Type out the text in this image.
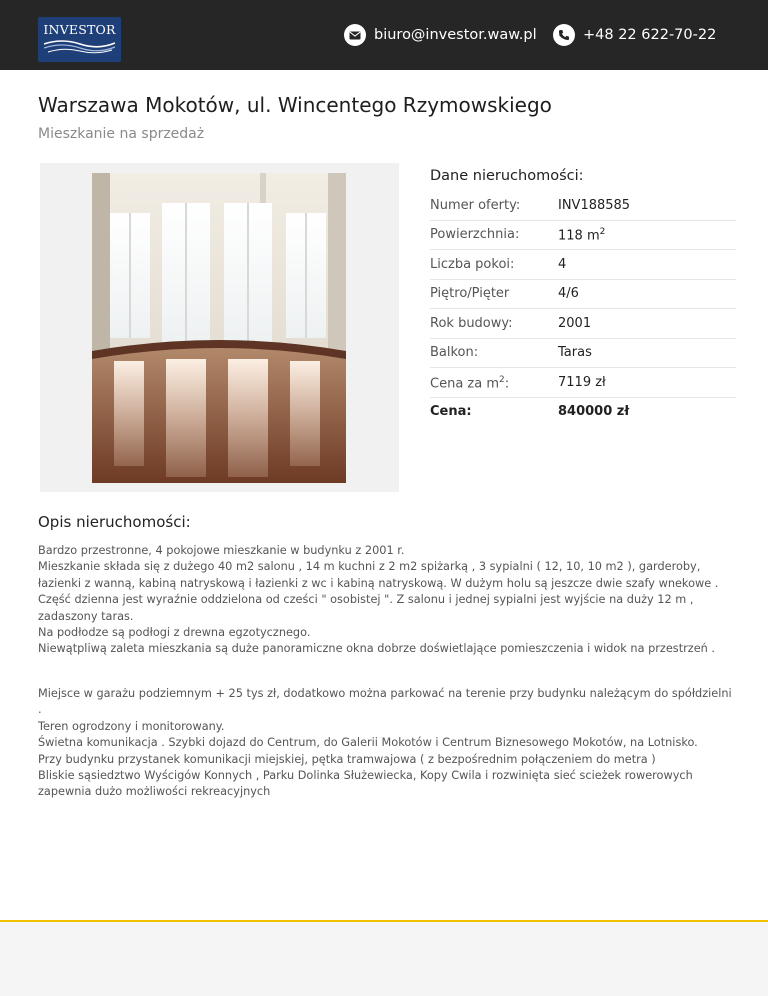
INVESTOR	biuro@investor.waw.pl	+48 22 622-70-22
Warszawa Mokotów, ul. Wincentego Rzymowskiego
Mieszkanie na sprzedaż
Dane nieruchomości:
Numer oferty:	INV188585
Powierzchnia:	118 $m^2$
Liczba pokoi:	4
Piętro/Pięter	4/6
Rok budowy:	2001
Balkon:	Taras
Cena za $m^2$:	7119 zł
Cena:	840000 zł
Opis nieruchomości:

Bardzo przestronne, 4 pokojowe mieszkanie w budynku z 2001 r.

Mieszkanie składa się z dużego 40 m2 salonu , 14 m kuchni z 2 m2 spiżarką , 3 sypialni ( 12, 10, 10 m2 ), garderoby, łazienki z wanną, kabiną natryskową i łazienki z wc i kabiną natryskową. W dużym holu są jeszcze dwie szafy wnekowe . Część dzienna jest wyraźnie oddzielona od cześci " osobistej ". Z salonu i jednej sypialni jest wyjście na duży 12 m , zadaszony taras.

Na podłodze są podłogi z drewna egzotycznego.

Niewątpliwą zaleta mieszkania są duże panoramiczne okna dobrze doświetlające pomieszczenia i widok na przestrzeń .

Miejsce w garażu podziemnym + 25 tys zł, dodatkowo można parkować na terenie przy budynku należącym do spółdzielni .

Teren ogrodzony i monitorowany.

Świetna komunikacja . Szybki dojazd do Centrum, do Galerii Mokotów i Centrum Biznesowego Mokotów, na Lotnisko.

Przy budynku przystanek komunikacji miejskiej, pętka tramwajowa ( z bezpośrednim połączeniem do metra )

Bliskie sąsiedztwo Wyścigów Konnych , Parku Dolinka Służewiecka, Kopy Cwila i rozwinięta sieć scieżek rowerowych zapewnia dużo możliwości rekreacyjnych
